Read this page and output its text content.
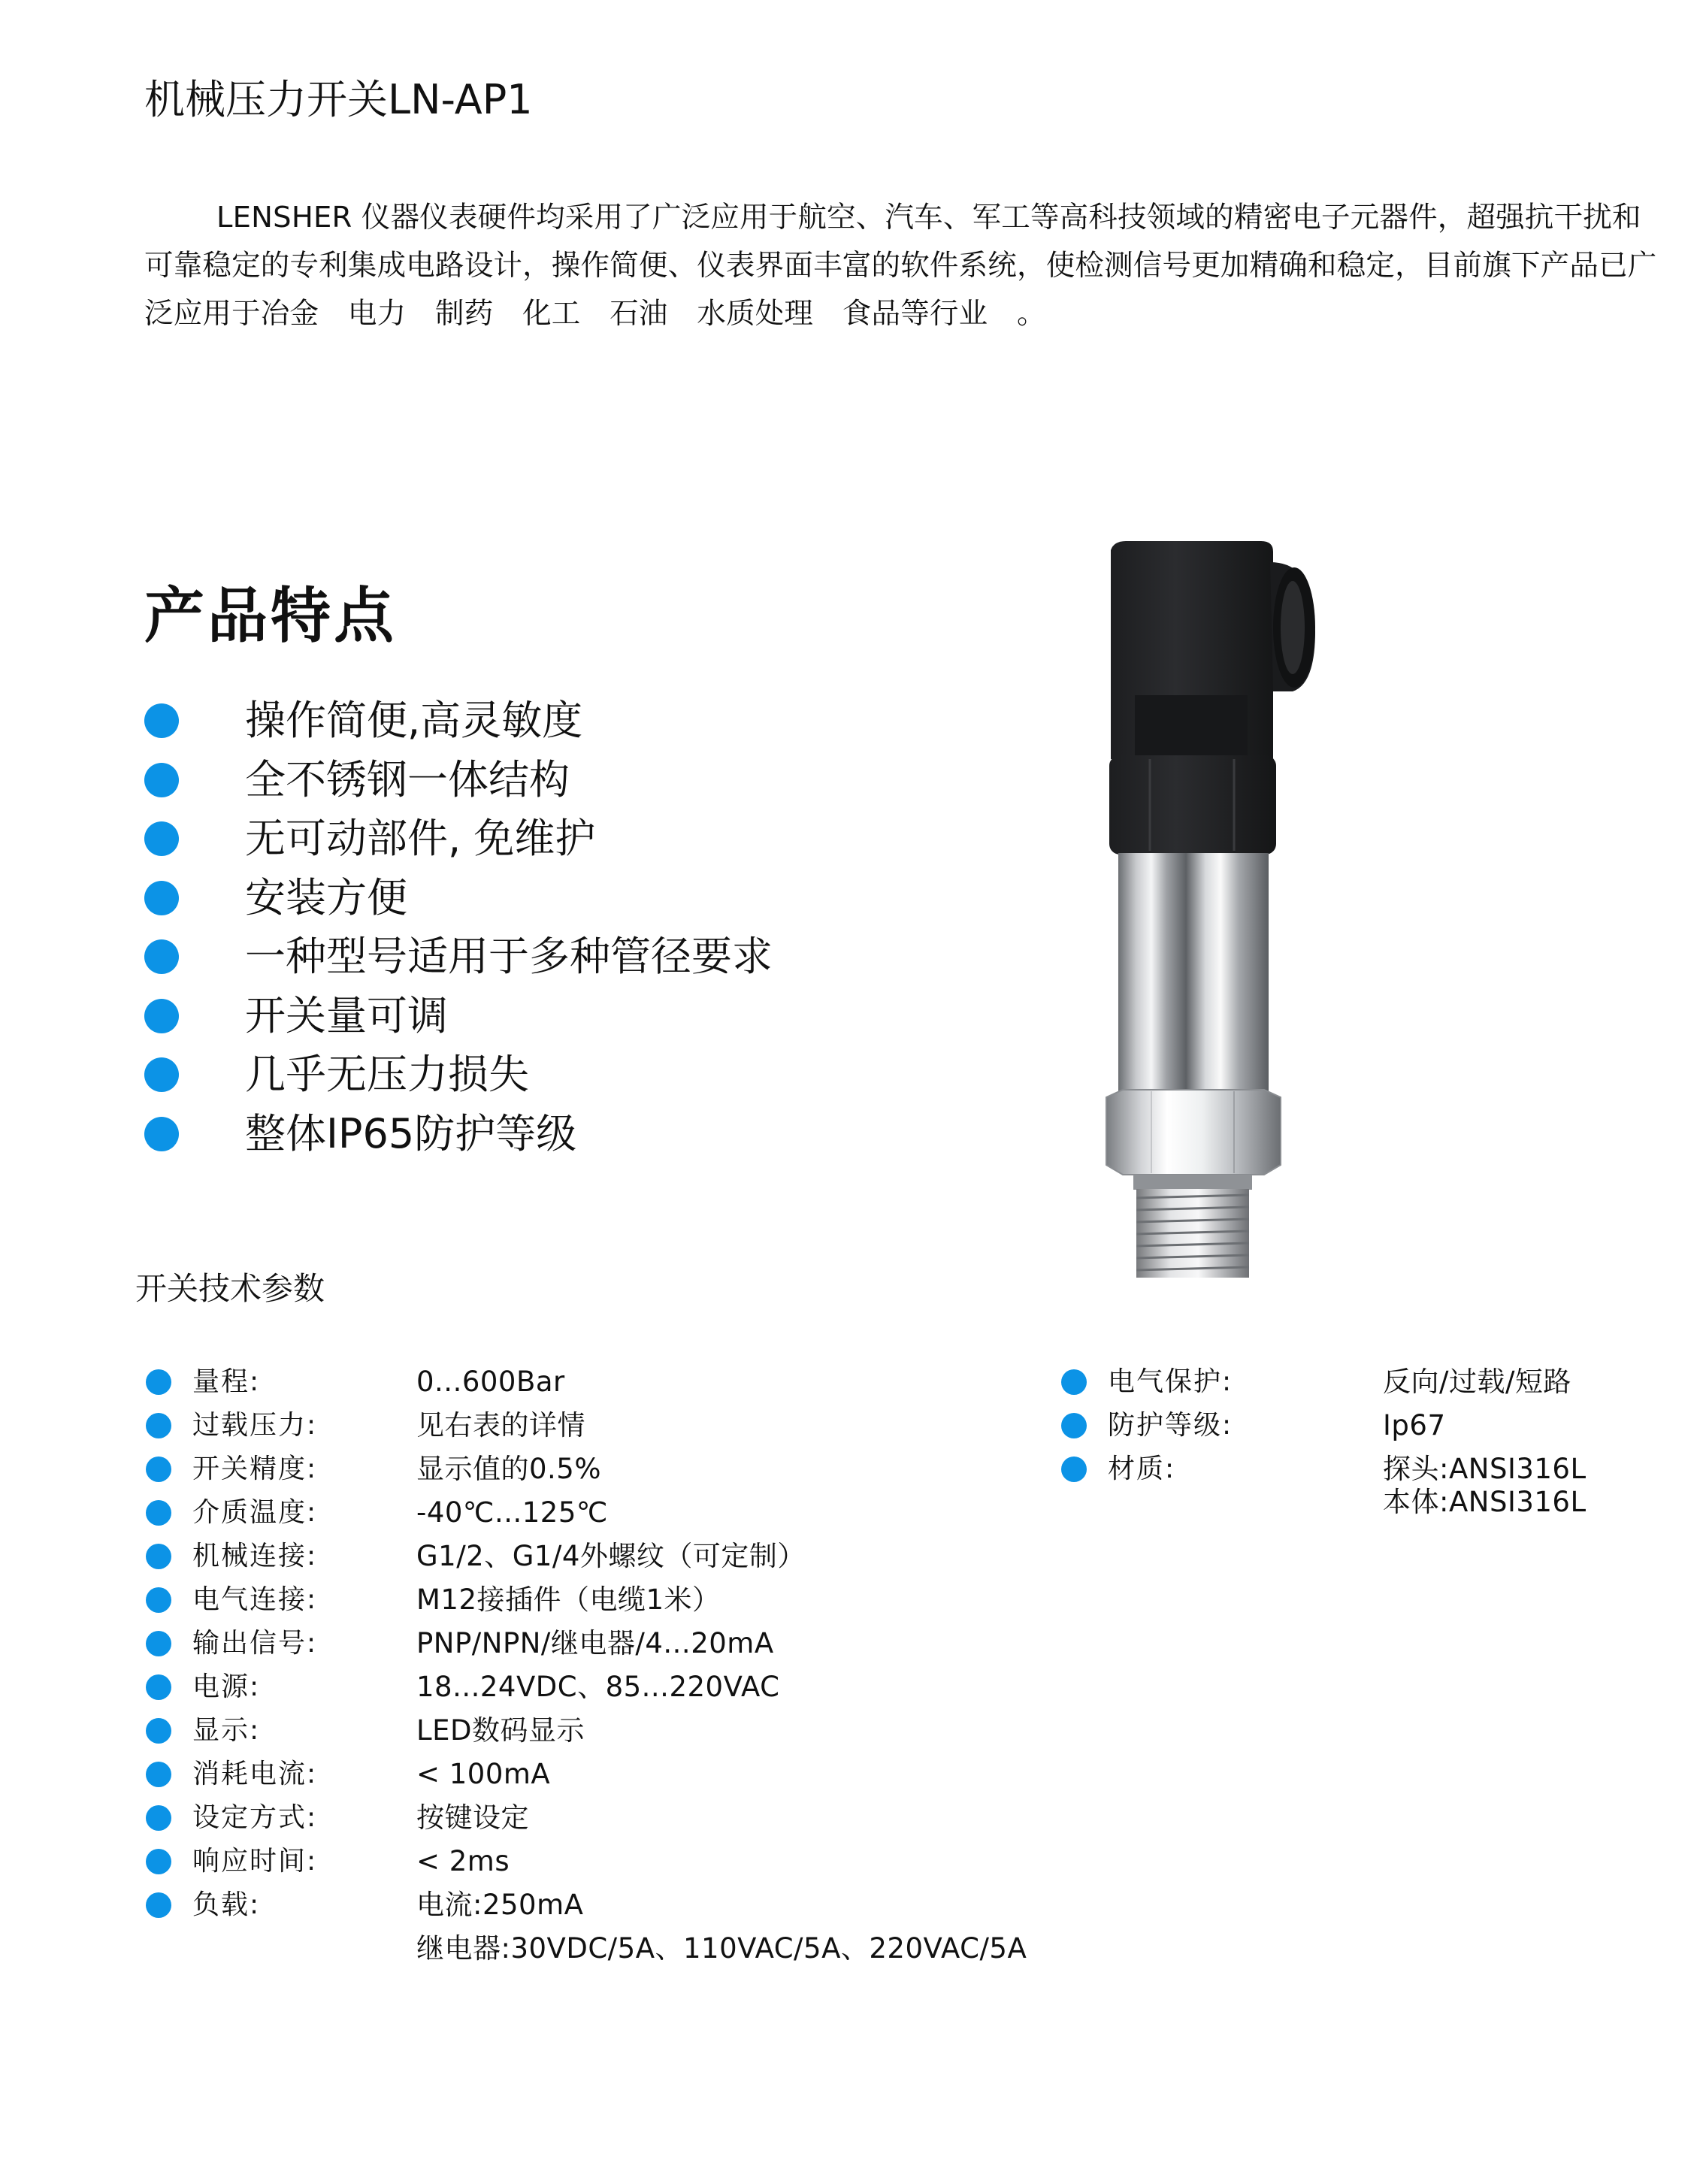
机械压力开关LN-AP1
LENSHER 仪器仪表硬件均采用了广泛应用于航空、汽车、军工等高科技领域的精密电子元器件，超强抗干扰和可靠稳定的专利集成电路设计，操作简便、仪表界面丰富的软件系统，使检测信号更加精确和稳定，目前旗下产品已广泛应用于冶金　电力　制药　化工　石油　水质处理　食品等行业　。
产品特点
操作简便,高灵敏度
全不锈钢一体结构
无可动部件, 免维护
安装方便
一种型号适用于多种管径要求
开关量可调
几乎无压力损失
整体IP65防护等级
开关技术参数
量程:	0...600Bar
过载压力:	见右表的详情
开关精度:	显示值的0.5%
介质温度:	-40℃...125℃
机械连接:	G1/2、G1/4外螺纹（可定制）
电气连接:	M12接插件（电缆1米）
输出信号:	PNP/NPN/继电器/4...20mA
电源:	18...24VDC、85...220VAC
显示:	LED数码显示
消耗电流:	< 100mA
设定方式:	按键设定
响应时间:	< 2ms
负载:	电流:250mA
继电器:30VDC/5A、110VAC/5A、220VAC/5A
电气保护:	反向/过载/短路
防护等级:	Ip67
材质:	探头:ANSI316L
本体:ANSI316L
